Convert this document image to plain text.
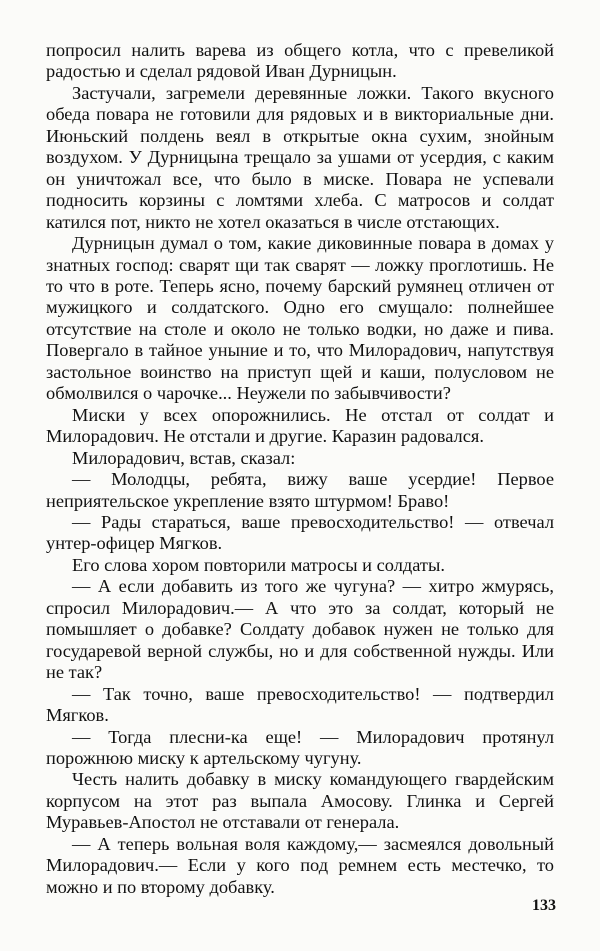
попросил налить варева из общего котла, что с превеликой радостью и сделал рядовой Иван Дурницын.

Застучали, загремели деревянные ложки. Такого вкусного обеда повара не готовили для рядовых и в викториальные дни. Июньский полдень веял в открытые окна сухим, знойным воздухом. У Дурницына трещало за ушами от усердия, с каким он уничтожал все, что было в миске. Повара не успевали подносить корзины с ломтями хлеба. С матросов и солдат катился пот, никто не хотел оказаться в числе отстающих.

Дурницын думал о том, какие диковинные повара в домах у знатных господ: сварят щи так сварят — ложку проглотишь. Не то что в роте. Теперь ясно, почему барский румянец отличен от мужицкого и солдатского. Одно его смущало: полнейшее отсутствие на столе и около не только водки, но даже и пива. Повергало в тайное уныние и то, что Милорадович, напутствуя застольное воинство на приступ щей и каши, полусловом не обмолвился о чарочке... Неужели по забывчивости?

Миски у всех опорожнились. Не отстал от солдат и Милорадович. Не отстали и другие. Каразин радовался.

Милорадович, встав, сказал:

— Молодцы, ребята, вижу ваше усердие! Первое неприятельское укрепление взято штурмом! Браво!

— Рады стараться, ваше превосходительство! — отвечал унтер-офицер Мягков.

Его слова хором повторили матросы и солдаты.

— А если добавить из того же чугуна? — хитро жмурясь, спросил Милорадович.— А что это за солдат, который не помышляет о добавке? Солдату добавок нужен не только для государевой верной службы, но и для собственной нужды. Или не так?

— Так точно, ваше превосходительство! — подтвердил Мягков.

— Тогда плесни-ка еще! — Милорадович протянул порожнюю миску к артельскому чугуну.

Честь налить добавку в миску командующего гвардейским корпусом на этот раз выпала Амосову. Глинка и Сергей Муравьев-Апостол не отставали от генерала.

— А теперь вольная воля каждому,— засмеялся довольный Милорадович.— Если у кого под ремнем есть местечко, то можно и по второму добавку.

133
